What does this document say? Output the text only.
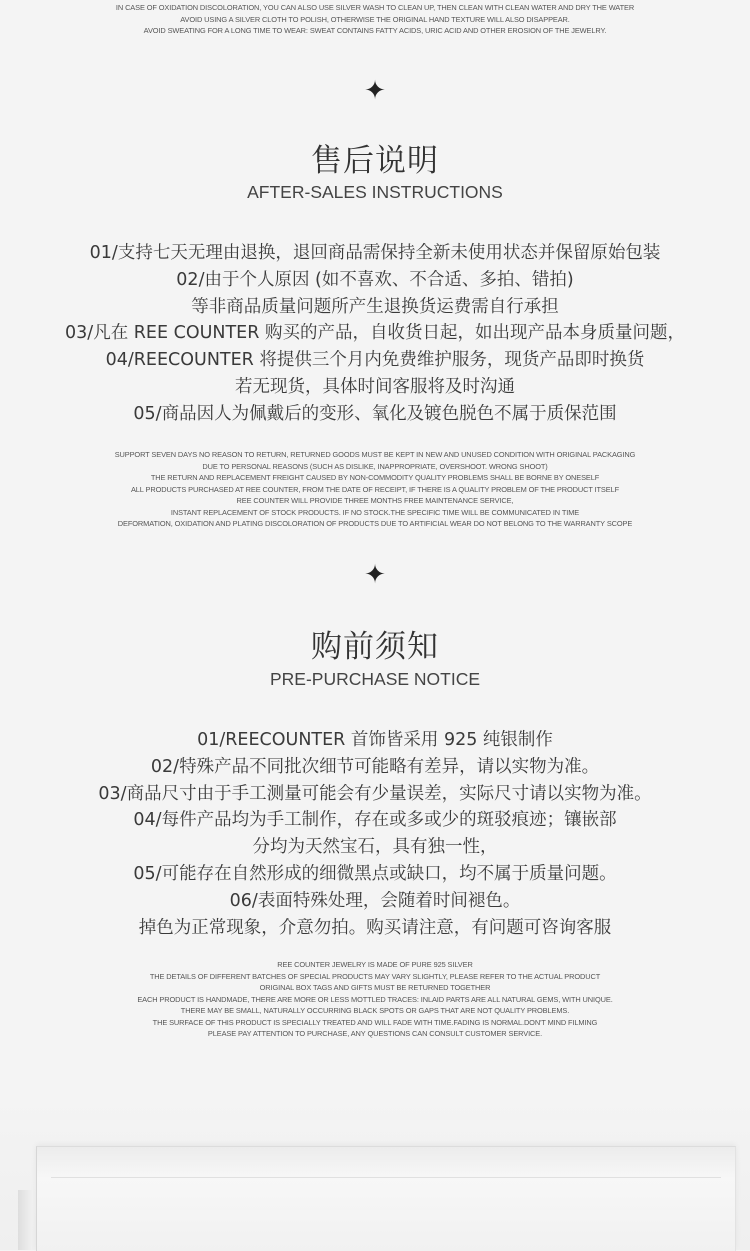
IN CASE OF OXIDATION DISCOLORATION, YOU CAN ALSO USE SILVER WASH TO CLEAN UP, THEN CLEAN WITH CLEAN WATER AND DRY THE WATER
AVOID USING A SILVER CLOTH TO POLISH, OTHERWISE THE ORIGINAL HAND TEXTURE WILL ALSO DISAPPEAR.
AVOID SWEATING FOR A LONG TIME TO WEAR: SWEAT CONTAINS FATTY ACIDS, URIC ACID AND OTHER EROSION OF THE JEWELRY.
✦
售后说明
AFTER-SALES INSTRUCTIONS
01/支持七天无理由退换，退回商品需保持全新未使用状态并保留原始包装
02/由于个人原因 (如不喜欢、不合适、多拍、错拍)
等非商品质量问题所产生退换货运费需自行承担
03/凡在 REE COUNTER 购买的产品，自收货日起，如出现产品本身质量问题，
04/REECOUNTER 将提供三个月内免费维护服务，现货产品即时换货
若无现货，具体时间客服将及时沟通
05/商品因人为佩戴后的变形、氧化及镀色脱色不属于质保范围
SUPPORT SEVEN DAYS NO REASON TO RETURN, RETURNED GOODS MUST BE KEPT IN NEW AND UNUSED CONDITION WITH ORIGINAL PACKAGING
DUE TO PERSONAL REASONS (SUCH AS DISLIKE, INAPPROPRIATE, OVERSHOOT. WRONG SHOOT)
THE RETURN AND REPLACEMENT FREIGHT CAUSED BY NON-COMMODITY QUALITY PROBLEMS SHALL BE BORNE BY ONESELF
ALL PRODUCTS PURCHASED AT REE COUNTER, FROM THE DATE OF RECEIPT, IF THERE IS A QUALITY PROBLEM OF THE PRODUCT ITSELF
REE COUNTER WILL PROVIDE THREE MONTHS FREE MAINTENANCE SERVICE,
INSTANT REPLACEMENT OF STOCK PRODUCTS. IF NO STOCK.THE SPECIFIC TIME WILL BE COMMUNICATED IN TIME
DEFORMATION, OXIDATION AND PLATING DISCOLORATION OF PRODUCTS DUE TO ARTIFICIAL WEAR DO NOT BELONG TO THE WARRANTY SCOPE
✦
购前须知
PRE-PURCHASE NOTICE
01/REECOUNTER 首饰皆采用 925 纯银制作
02/特殊产品不同批次细节可能略有差异，请以实物为准。
03/商品尺寸由于手工测量可能会有少量误差，实际尺寸请以实物为准。
04/每件产品均为手工制作，存在或多或少的斑驳痕迹；镶嵌部
分均为天然宝石，具有独一性，
05/可能存在自然形成的细微黑点或缺口，均不属于质量问题。
06/表面特殊处理，会随着时间褪色。
掉色为正常现象，介意勿拍。购买请注意，有问题可咨询客服
REE COUNTER JEWELRY IS MADE OF PURE 925 SILVER
THE DETAILS OF DIFFERENT BATCHES OF SPECIAL PRODUCTS MAY VARY SLIGHTLY, PLEASE REFER TO THE ACTUAL PRODUCT
ORIGINAL BOX TAGS AND GIFTS MUST BE RETURNED TOGETHER
EACH PRODUCT IS HANDMADE, THERE ARE MORE OR LESS MOTTLED TRACES: INLAID PARTS ARE ALL NATURAL GEMS, WITH UNIQUE.
THERE MAY BE SMALL, NATURALLY OCCURRING BLACK SPOTS OR GAPS THAT ARE NOT QUALITY PROBLEMS.
THE SURFACE OF THIS PRODUCT IS SPECIALLY TREATED AND WILL FADE WITH TIME.FADING IS NORMAL.DON'T MIND FILMING
PLEASE PAY ATTENTION TO PURCHASE, ANY QUESTIONS CAN CONSULT CUSTOMER SERVICE.
